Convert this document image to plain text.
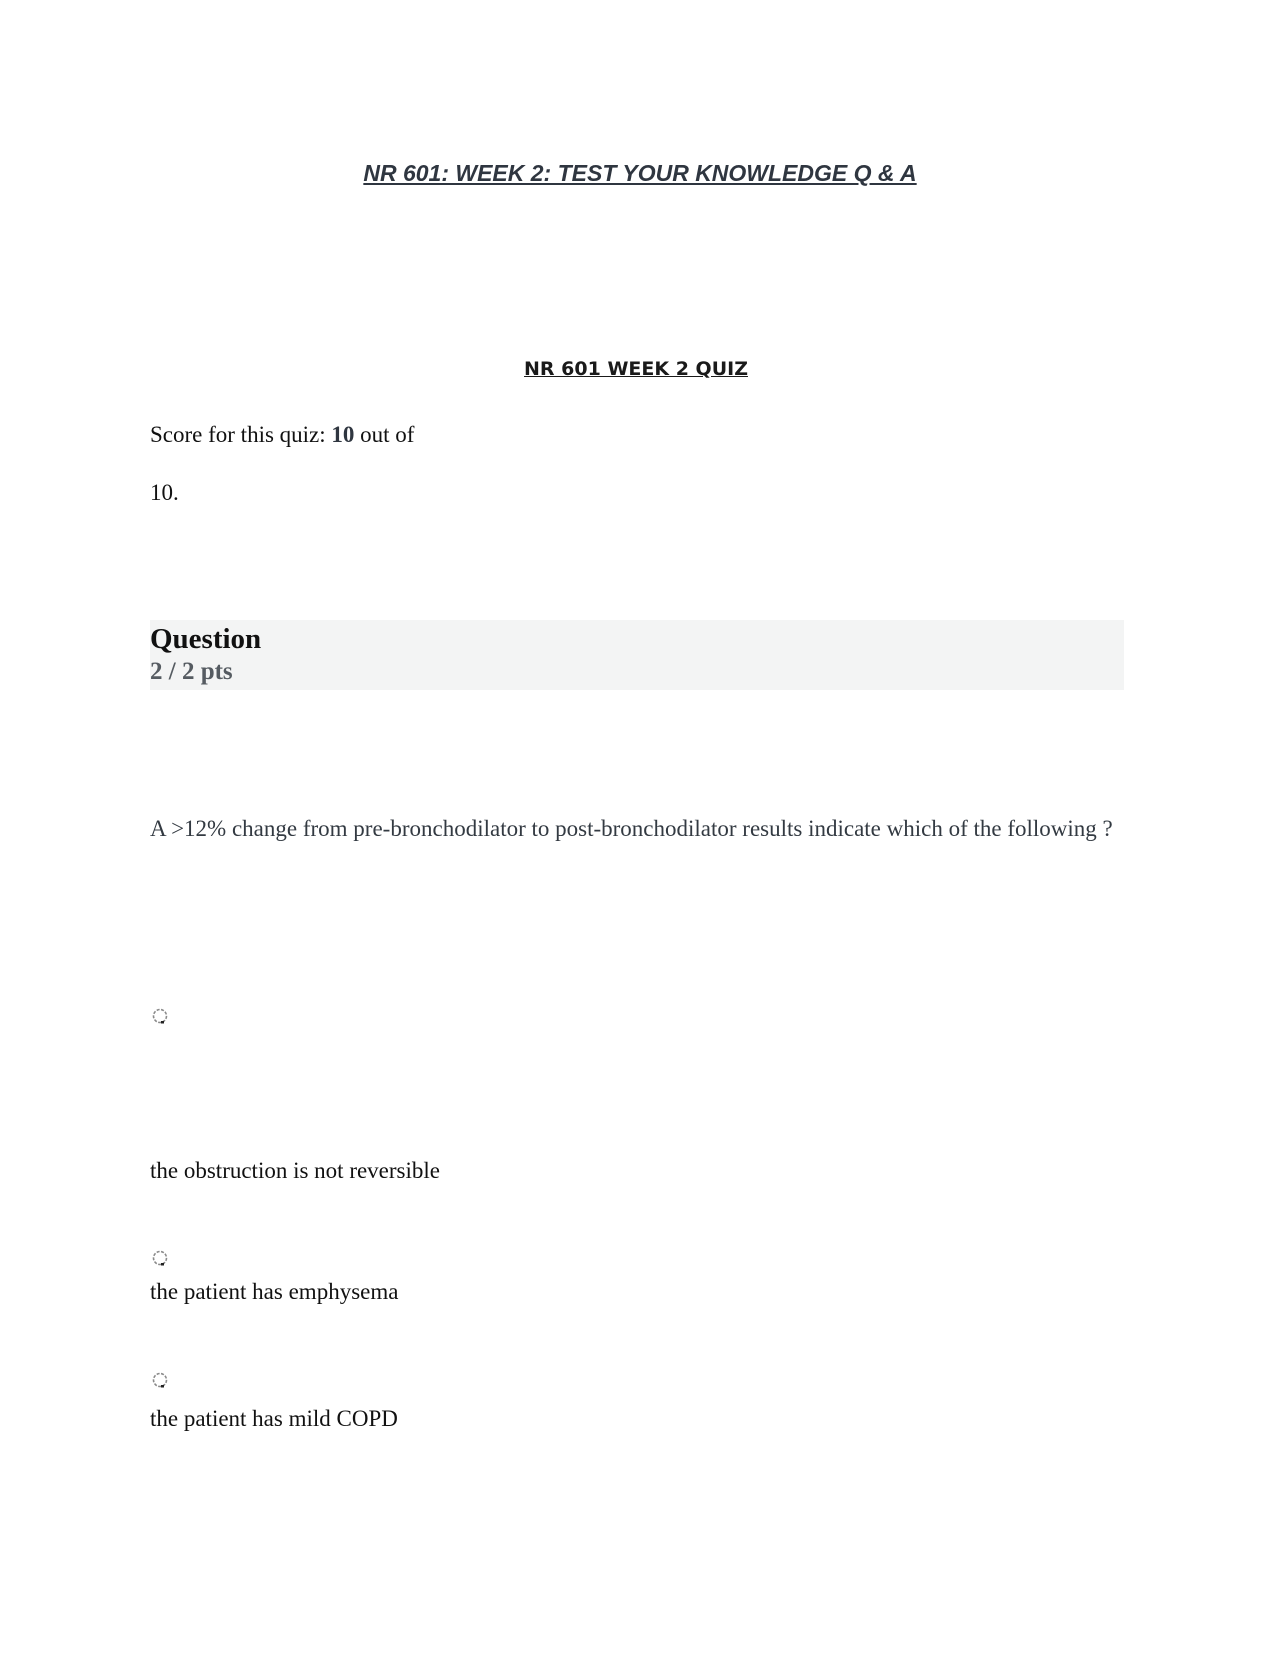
NR 601: WEEK 2: TEST YOUR KNOWLEDGE Q & A
NR 601 WEEK 2 QUIZ
Score for this quiz: 10 out of
10.
Question
2 / 2 pts
A >12% change from pre-bronchodilator to post-bronchodilator results indicate which of the following ?
the obstruction is not reversible
the patient has emphysema
the patient has mild COPD
